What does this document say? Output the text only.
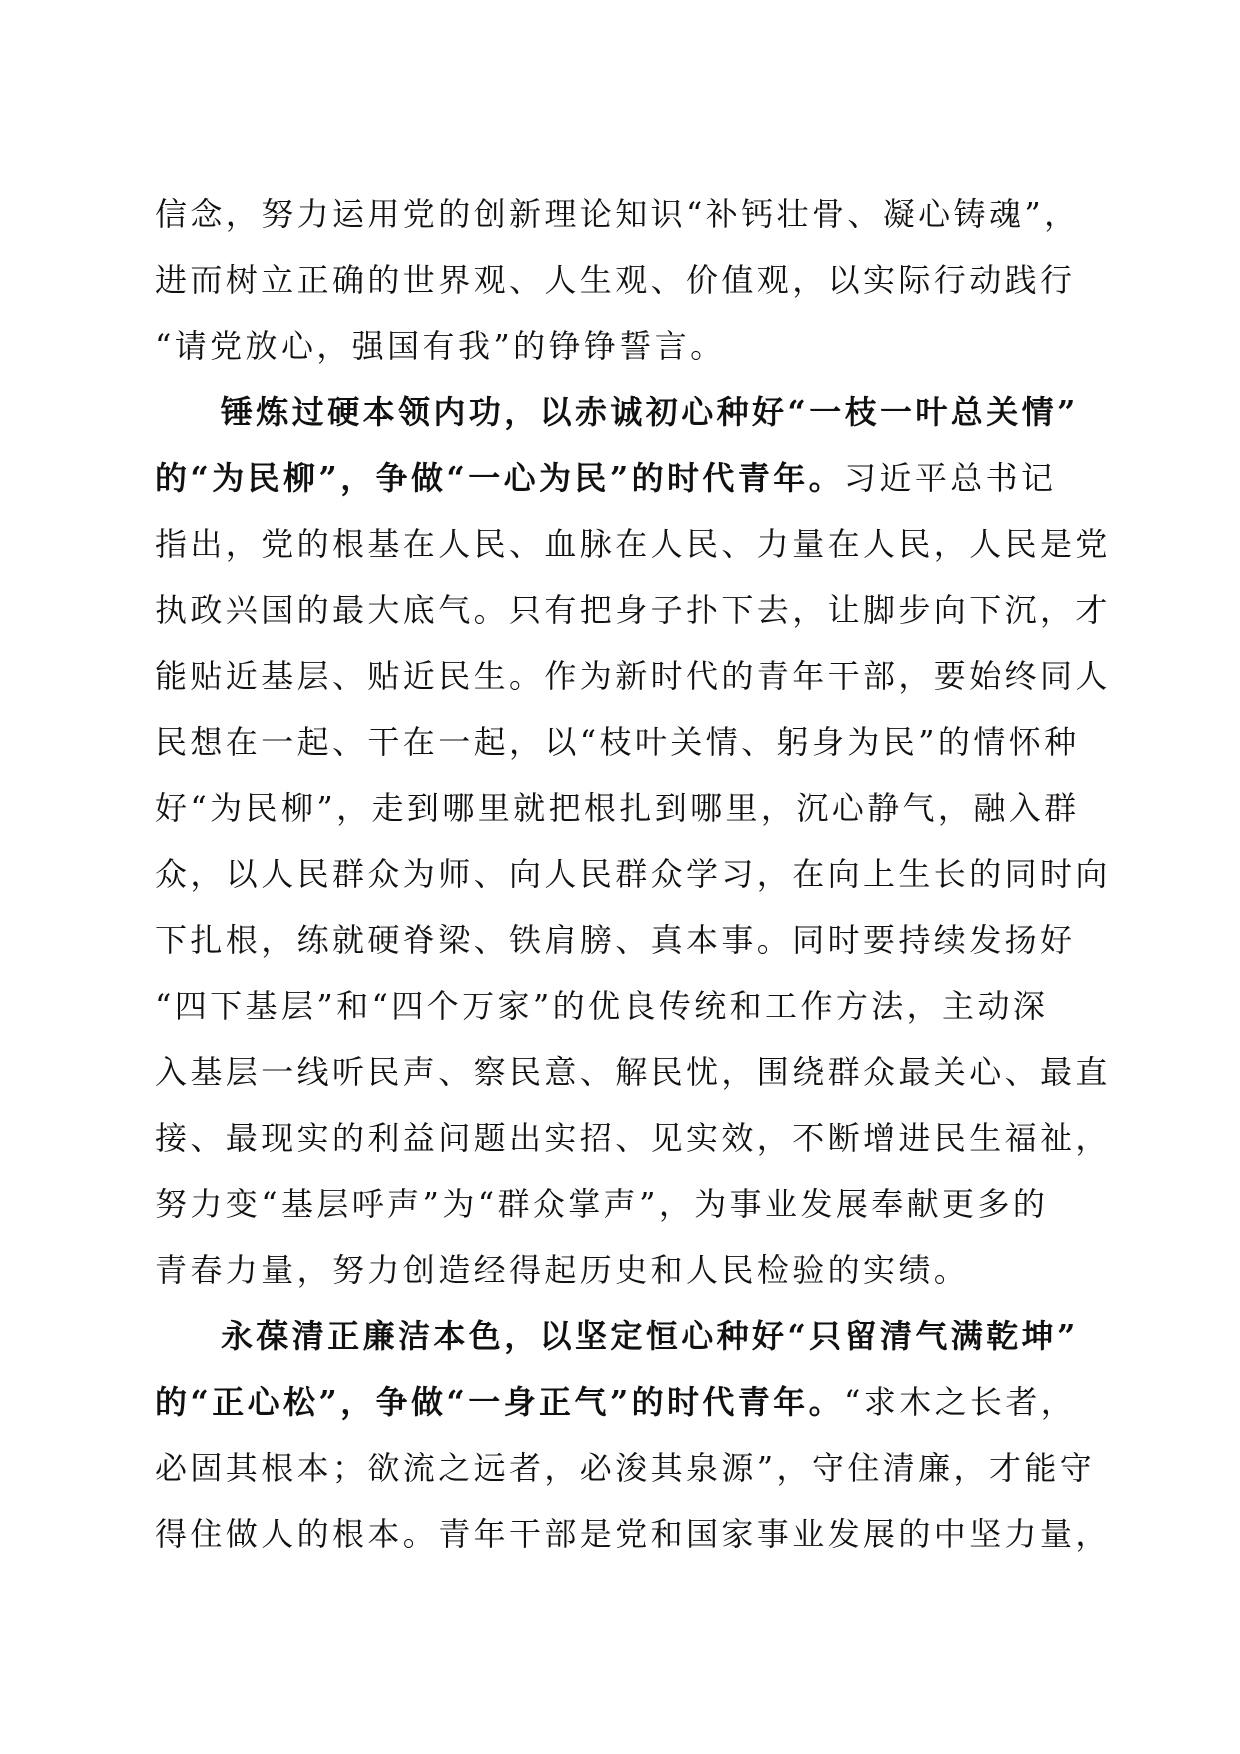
信念，努力运用党的创新理论知识“补钙壮骨、凝心铸魂”，
进而树立正确的世界观、人生观、价值观，以实际行动践行
“请党放心，强国有我”的铮铮誓言。
锤炼过硬本领内功，以赤诚初心种好“一枝一叶总关情”
的“为民柳”，争做“一心为民”的时代青年。习近平总书记
指出，党的根基在人民、血脉在人民、力量在人民，人民是党
执政兴国的最大底气。只有把身子扑下去，让脚步向下沉，才
能贴近基层、贴近民生。作为新时代的青年干部，要始终同人
民想在一起、干在一起，以“枝叶关情、躬身为民”的情怀种
好“为民柳”，走到哪里就把根扎到哪里，沉心静气，融入群
众，以人民群众为师、向人民群众学习，在向上生长的同时向
下扎根，练就硬脊梁、铁肩膀、真本事。同时要持续发扬好
“四下基层”和“四个万家”的优良传统和工作方法，主动深
入基层一线听民声、察民意、解民忧，围绕群众最关心、最直
接、最现实的利益问题出实招、见实效，不断增进民生福祉，
努力变“基层呼声”为“群众掌声”，为事业发展奉献更多的
青春力量，努力创造经得起历史和人民检验的实绩。
永葆清正廉洁本色，以坚定恒心种好“只留清气满乾坤”
的“正心松”，争做“一身正气”的时代青年。“求木之长者，
必固其根本；欲流之远者，必浚其泉源”，守住清廉，才能守
得住做人的根本。青年干部是党和国家事业发展的中坚力量，
